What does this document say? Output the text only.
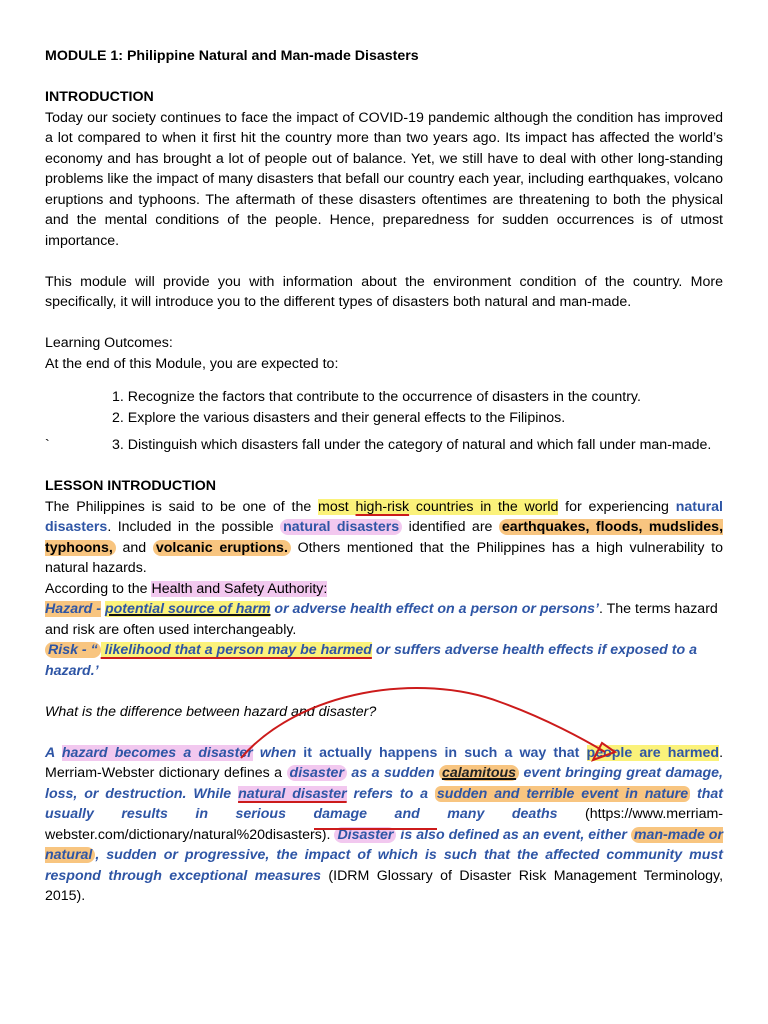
MODULE 1: Philippine Natural and Man-made Disasters

INTRODUCTION

Today our society continues to face the impact of COVID-19 pandemic although the condition has improved a lot compared to when it first hit the country more than two years ago. Its impact has affected the world’s economy and has brought a lot of people out of balance. Yet, we still have to deal with other long-standing problems like the impact of many disasters that befall our country each year, including earthquakes, volcano eruptions and typhoons. The aftermath of these disasters oftentimes are threatening to both the physical and the mental conditions of the people. Hence, preparedness for sudden occurrences is of utmost importance.

This module will provide you with information about the environment condition of the country. More specifically, it will introduce you to the different types of disasters both natural and man-made.

Learning Outcomes:

At the end of this Module, you are expected to:

1. Recognize the factors that contribute to the occurrence of disasters in the country.

2. Explore the various disasters and their general effects to the Filipinos.

`	3. Distinguish which disasters fall under the category of natural and which fall under man-made.

LESSON INTRODUCTION

The Philippines is said to be one of the most high-risk countries in the world for experiencing natural disasters. Included in the possible natural disasters identified are earthquakes, floods, mudslides, typhoons, and volcanic eruptions. Others mentioned that the Philippines has a high vulnerability to natural hazards.

According to the Health and Safety Authority:

Hazard - potential source of harm or adverse health effect on a person or persons’. The terms hazard and risk are often used interchangeably.

Risk - “ likelihood that a person may be harmed or suffers adverse health effects if exposed to a hazard.’

What is the difference between hazard and disaster?

A hazard becomes a disaster when it actually happens in such a way that people are harmed. Merriam-Webster dictionary defines a disaster as a sudden calamitous event bringing great damage, loss, or destruction. While natural disaster refers to a sudden and terrible event in nature that usually results in serious damage and many deaths (https://www.merriam-webster.com/dictionary/natural%20disasters). Disaster is also defined as an event, either man-made or natural , sudden or progressive, the impact of which is such that the affected community must respond through exceptional measures (IDRM Glossary of Disaster Risk Management Terminology, 2015).
